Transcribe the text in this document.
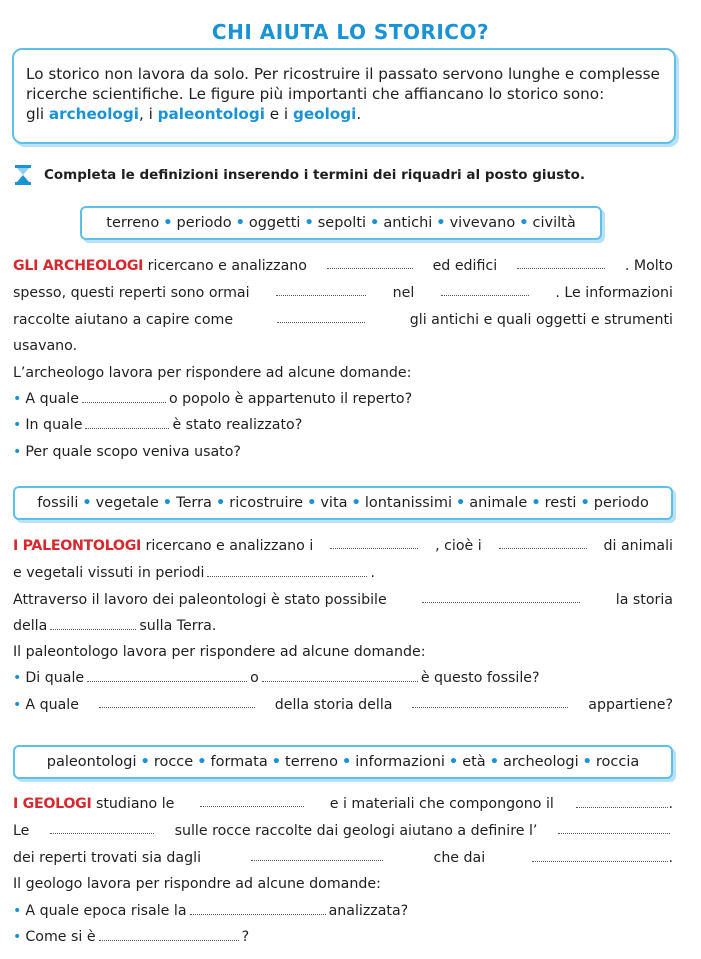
CHI AIUTA LO STORICO?
Lo storico non lavora da solo. Per ricostruire il passato servono lunghe e complesse
ricerche scientifiche. Le figure più importanti che affiancano lo storico sono:
gli archeologi, i paleontologi e i geologi.
Completa le definizioni inserendo i termini dei riquadri al posto giusto.
terreno • periodo • oggetti • sepolti • antichi • vivevano • civiltà
GLI ARCHEOLOGI ricercano e analizzano	ed edifici	. Molto
spesso, questi reperti sono ormai	nel	. Le informazioni
raccolte aiutano a capire come	gli antichi e quali oggetti e strumenti
usavano.
L’archeologo lavora per rispondere ad alcune domande:
• A quale	o popolo è appartenuto il reperto?
• In quale	è stato realizzato?
• Per quale scopo veniva usato?
fossili • vegetale • Terra • ricostruire • vita • lontanissimi • animale • resti • periodo
I PALEONTOLOGI ricercano e analizzano i	, cioè i	di animali
e vegetali vissuti in periodi	.
Attraverso il lavoro dei paleontologi è stato possibile	la storia
della	sulla Terra.
Il paleontologo lavora per rispondere ad alcune domande:
• Di quale	o	è questo fossile?
• A quale	della storia della	appartiene?
paleontologi • rocce • formata • terreno • informazioni • età • archeologi • roccia
I GEOLOGI studiano le	e i materiali che compongono il	.
Le	sulle rocce raccolte dai geologi aiutano a definire l’
dei reperti trovati sia dagli	che dai	.
Il geologo lavora per rispondre ad alcune domande:
• A quale epoca risale la	analizzata?
• Come si è	?
